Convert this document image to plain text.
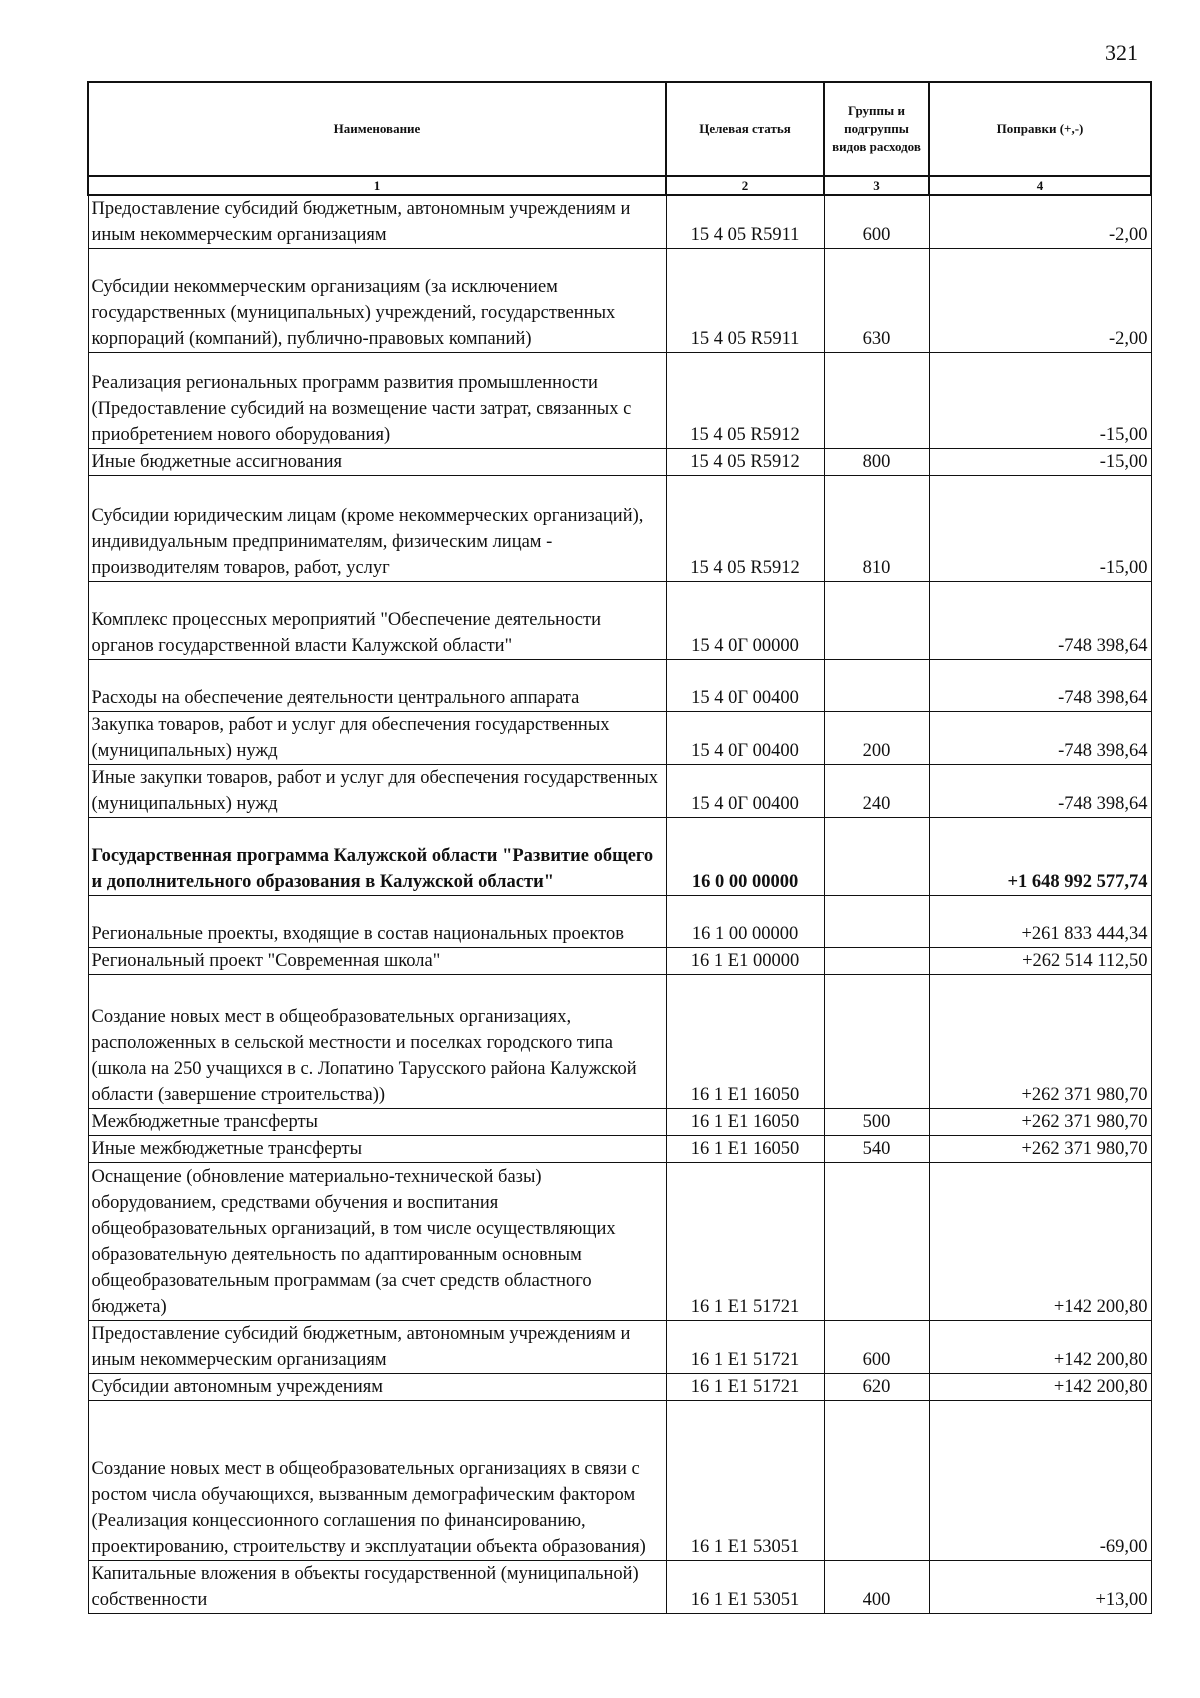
321
Наименование	Целевая статья	Группы и подгруппы видов расходов	Поправки (+,-)
1	2	3	4
Предоставление субсидий бюджетным, автономным учреждениям и иным некоммерческим организациям	15 4 05 R5911	600	-2,00
Субсидии некоммерческим организациям (за исключением государственных (муниципальных) учреждений, государственных корпораций (компаний), публично-правовых компаний)	15 4 05 R5911	630	-2,00
Реализация региональных программ развития промышленности (Предоставление субсидий на возмещение части затрат, связанных с приобретением нового оборудования)	15 4 05 R5912		-15,00
Иные бюджетные ассигнования	15 4 05 R5912	800	-15,00
Субсидии юридическим лицам (кроме некоммерческих организаций), индивидуальным предпринимателям, физическим лицам - производителям товаров, работ, услуг	15 4 05 R5912	810	-15,00
Комплекс процессных мероприятий "Обеспечение деятельности органов государственной власти Калужской области"	15 4 0Г 00000		-748 398,64
Расходы на обеспечение деятельности центрального аппарата	15 4 0Г 00400		-748 398,64
Закупка товаров, работ и услуг для обеспечения государственных (муниципальных) нужд	15 4 0Г 00400	200	-748 398,64
Иные закупки товаров, работ и услуг для обеспечения государственных (муниципальных) нужд	15 4 0Г 00400	240	-748 398,64
Государственная программа Калужской области "Развитие общего и дополнительного образования в Калужской области"	16 0 00 00000		+1 648 992 577,74
Региональные проекты, входящие в состав национальных проектов	16 1 00 00000		+261 833 444,34
Региональный проект "Современная школа"	16 1 E1 00000		+262 514 112,50
Создание новых мест в общеобразовательных организациях, расположенных в сельской местности и поселках городского типа (школа на 250 учащихся в с. Лопатино Тарусского района Калужской области (завершение строительства))	16 1 E1 16050		+262 371 980,70
Межбюджетные трансферты	16 1 E1 16050	500	+262 371 980,70
Иные межбюджетные трансферты	16 1 E1 16050	540	+262 371 980,70
Оснащение (обновление материально-технической базы) оборудованием, средствами обучения и воспитания общеобразовательных организаций, в том числе осуществляющих образовательную деятельность по адаптированным основным общеобразовательным программам (за счет средств областного бюджета)	16 1 E1 51721		+142 200,80
Предоставление субсидий бюджетным, автономным учреждениям и иным некоммерческим организациям	16 1 E1 51721	600	+142 200,80
Субсидии автономным учреждениям	16 1 E1 51721	620	+142 200,80
Создание новых мест в общеобразовательных организациях в связи с ростом числа обучающихся, вызванным демографическим фактором (Реализация концессионного соглашения по финансированию, проектированию, строительству и эксплуатации объекта образования)	16 1 E1 53051		-69,00
Капитальные вложения в объекты государственной (муниципальной) собственности	16 1 E1 53051	400	+13,00
